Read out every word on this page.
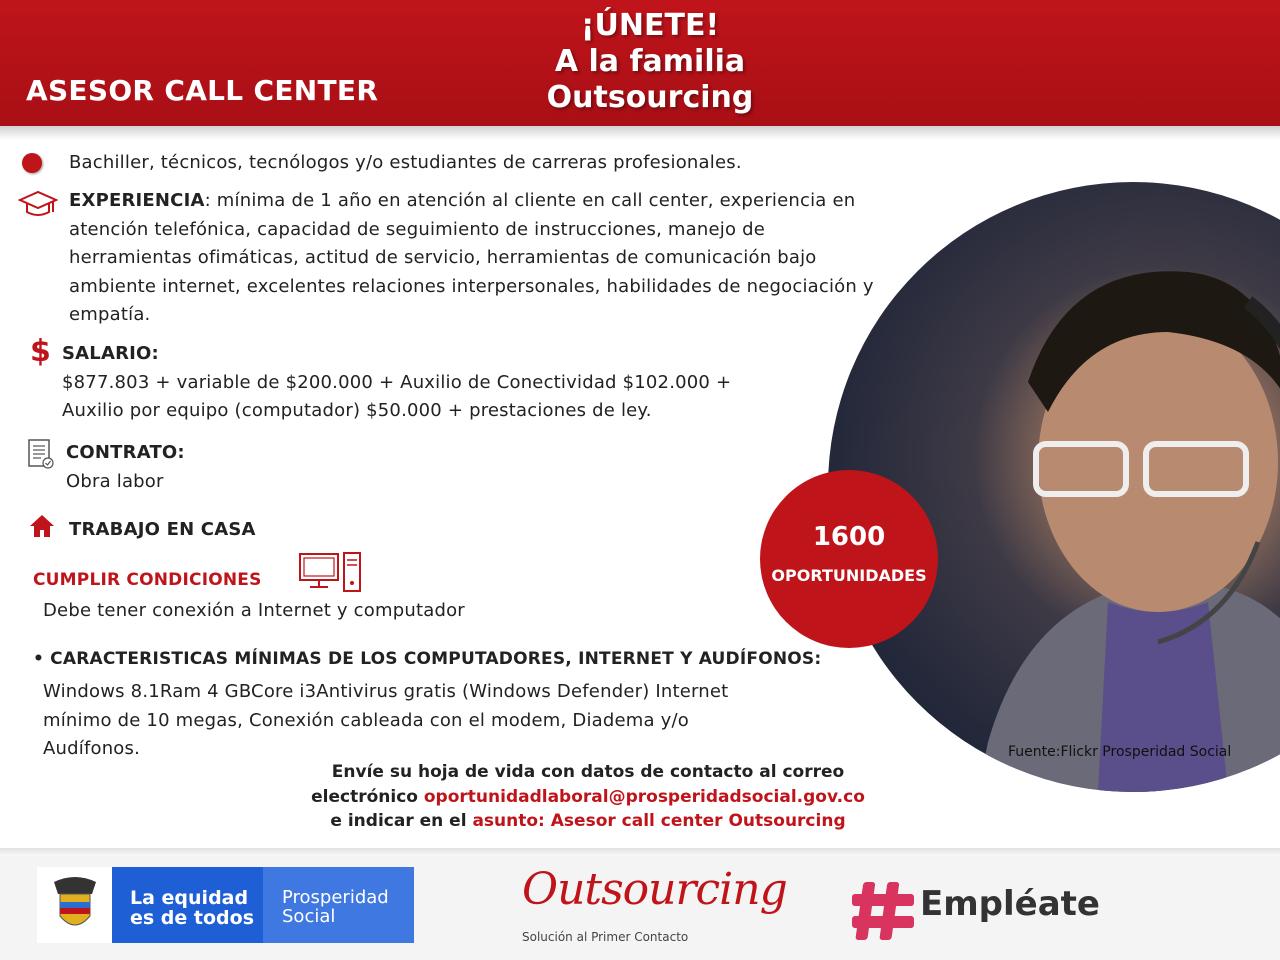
ASESOR CALL CENTER
¡ÚNETE!
A la familia
Outsourcing
Bachiller, técnicos, tecnólogos y/o estudiantes de carreras profesionales.
EXPERIENCIA: mínima de 1 año en atención al cliente en call center, experiencia en
atención telefónica, capacidad de seguimiento de instrucciones, manejo de
herramientas ofimáticas, actitud de servicio, herramientas de comunicación bajo
ambiente internet, excelentes relaciones interpersonales, habilidades de negociación y
empatía.
$ SALARIO:
$877.803 + variable de $200.000 + Auxilio de Conectividad $102.000 +
Auxilio por equipo (computador) $50.000 + prestaciones de ley.
CONTRATO:
Obra labor
TRABAJO EN CASA
CUMPLIR CONDICIONES
Debe tener conexión a Internet y computador
• CARACTERISTICAS MÍNIMAS DE LOS COMPUTADORES, INTERNET Y AUDÍFONOS:
Windows 8.1Ram 4 GBCore i3Antivirus gratis (Windows Defender) Internet
mínimo de 10 megas, Conexión cableada con el modem, Diadema y/o
Audífonos.	Fuente:Flickr Prosperidad Social
1600
OPORTUNIDADES
Envíe su hoja de vida con datos de contacto al correo
electrónico oportunidadlaboral@prosperidadsocial.gov.co
e indicar en el asunto: Asesor call center Outsourcing
La equidad
es de todos
Prosperidad
Social
Outsourcing
Solución al Primer Contacto
Empléate
